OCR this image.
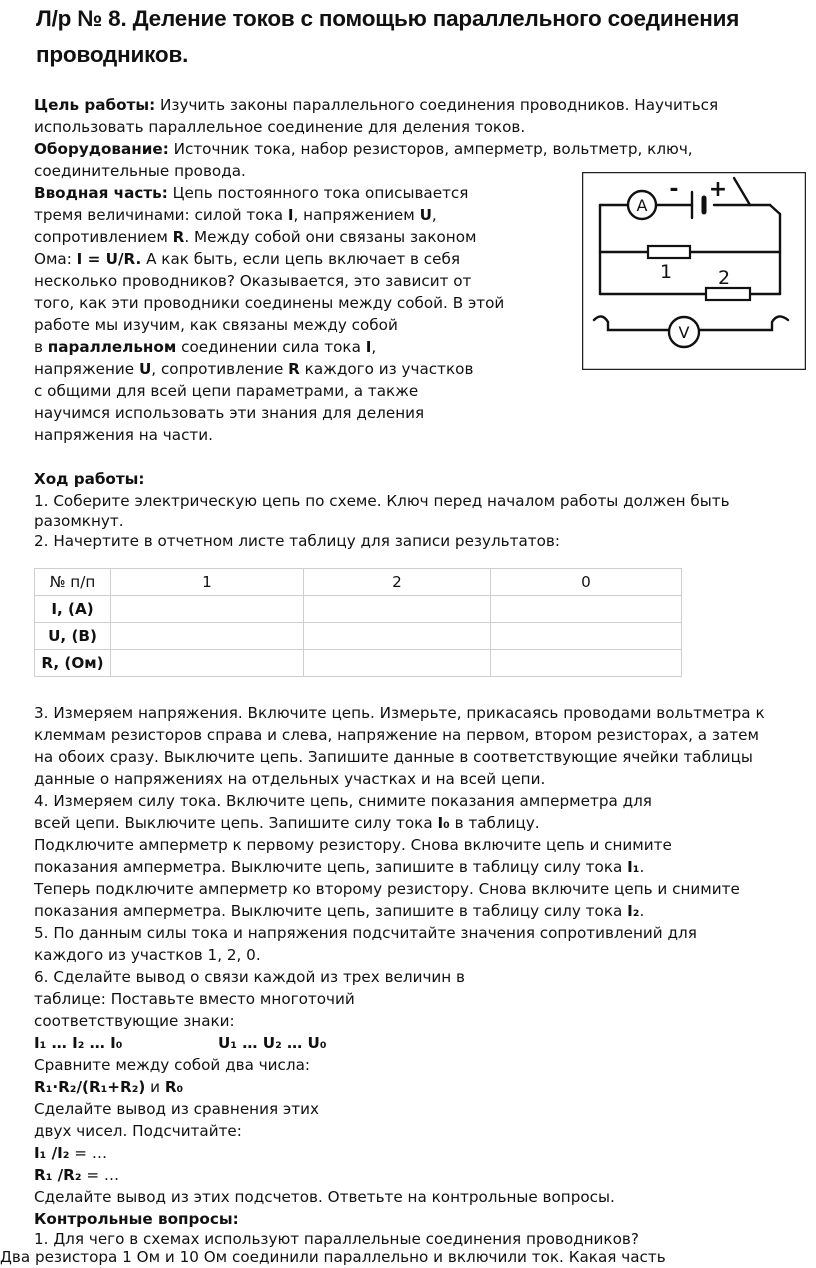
Л/р № 8. Деление токов с помощью параллельного соединения
проводников.
Цель работы: Изучить законы параллельного соединения проводников. Научиться
использовать параллельное соединение для деления токов.
Оборудование: Источник тока, набор резисторов, амперметр, вольтметр, ключ,
соединительные провода.
Вводная часть: Цепь постоянного тока описывается
тремя величинами: силой тока I, напряжением U,
сопротивлением R. Между собой они связаны законом
Ома: I = U/R. А как быть, если цепь включает в себя
несколько проводников? Оказывается, это зависит от
того, как эти проводники соединены между собой. В этой
работе мы изучим, как связаны между собой
в параллельном соединении сила тока I,
напряжение U, сопротивление R каждого из участков
с общими для всей цепи параметрами, а также
научимся использовать эти знания для деления
напряжения на части.
A
V
- +
1 2
Ход работы:
1. Соберите электрическую цепь по схеме. Ключ перед началом работы должен быть
разомкнут.
2. Начертите в отчетном листе таблицу для записи результатов:
№ п/п	1	2	0
I, (А)			
U, (В)			
R, (Ом)			
3. Измеряем напряжения. Включите цепь. Измерьте, прикасаясь проводами вольтметра к
клеммам резисторов справа и слева, напряжение на первом, втором резисторах, а затем
на обоих сразу. Выключите цепь. Запишите данные в соответствующие ячейки таблицы
данные о напряжениях на отдельных участках и на всей цепи.
4. Измеряем силу тока. Включите цепь, снимите показания амперметра для
всей цепи. Выключите цепь. Запишите силу тока I₀ в таблицу.
Подключите амперметр к первому резистору. Снова включите цепь и снимите
показания амперметра. Выключите цепь, запишите в таблицу силу тока I₁.
Теперь подключите амперметр ко второму резистору. Снова включите цепь и снимите
показания амперметра. Выключите цепь, запишите в таблицу силу тока I₂.
5. По данным силы тока и напряжения подсчитайте значения сопротивлений для
каждого из участков 1, 2, 0.
6. Сделайте вывод о связи каждой из трех величин в
таблице: Поставьте вместо многоточий
соответствующие знаки:
I₁ … I₂ … I₀	U₁ … U₂ … U₀
Сравните между собой два числа:
R₁·R₂/(R₁+R₂) и R₀
Сделайте вывод из сравнения этих
двух чисел. Подсчитайте:
I₁ /I₂ = …
R₁ /R₂ = …
Сделайте вывод из этих подсчетов. Ответьте на контрольные вопросы.
Контрольные вопросы:
1. Для чего в схемах используют параллельные соединения проводников?
Два резистора 1 Ом и 10 Ом соединили параллельно и включили ток. Какая часть
